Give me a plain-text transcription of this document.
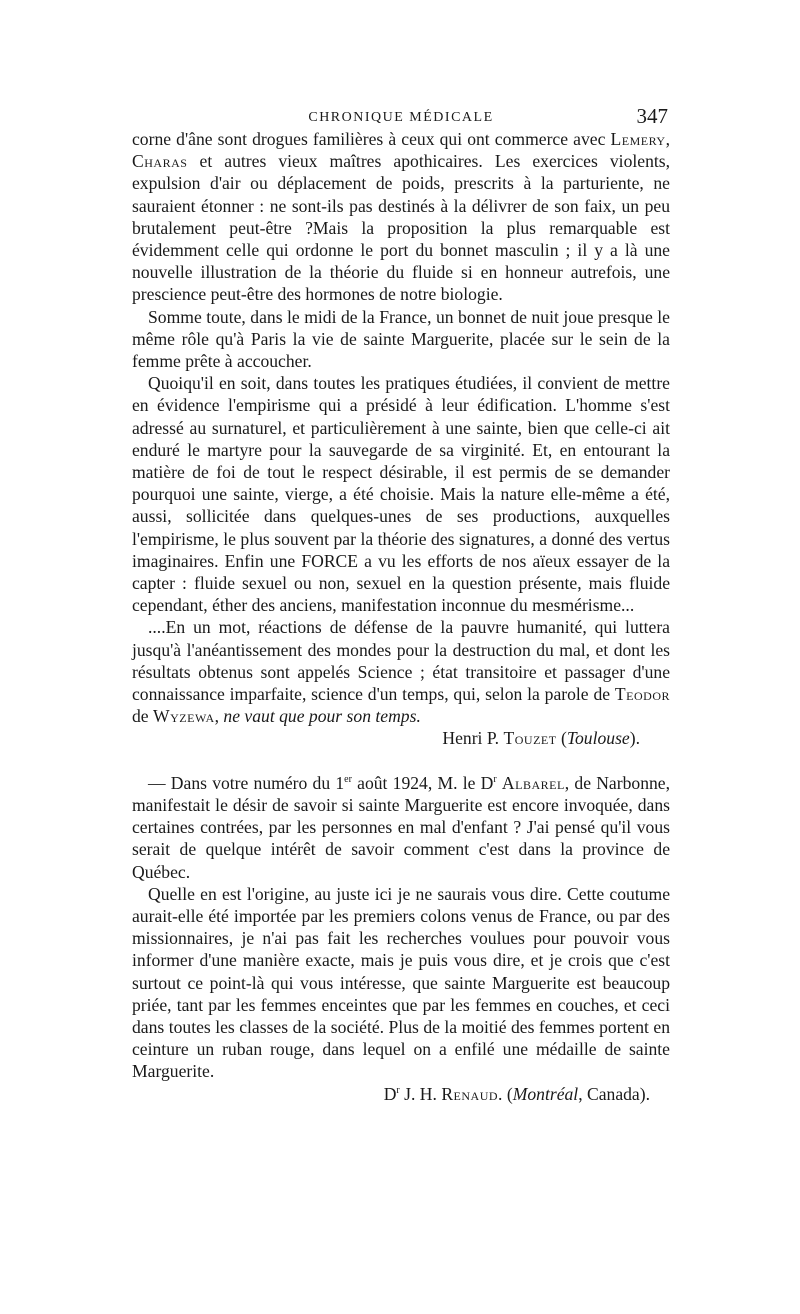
CHRONIQUE MÉDICALE	347

corne d'âne sont drogues familières à ceux qui ont commerce avec Lemery, Charas et autres vieux maîtres apothicaires. Les exercices violents, expulsion d'air ou déplacement de poids, prescrits à la parturiente, ne sauraient étonner : ne sont-ils pas destinés à la délivrer de son faix, un peu brutalement peut-être ?Mais la proposition la plus remarquable est évidemment celle qui ordonne le port du bonnet masculin ; il y a là une nouvelle illustration de la théorie du fluide si en honneur autrefois, une prescience peut-être des hormones de notre biologie.

Somme toute, dans le midi de la France, un bonnet de nuit joue presque le même rôle qu'à Paris la vie de sainte Marguerite, placée sur le sein de la femme prête à accoucher.

Quoiqu'il en soit, dans toutes les pratiques étudiées, il convient de mettre en évidence l'empirisme qui a présidé à leur édification. L'homme s'est adressé au surnaturel, et particulièrement à une sainte, bien que celle-ci ait enduré le martyre pour la sauvegarde de sa virginité. Et, en entourant la matière de foi de tout le respect désirable, il est permis de se demander pourquoi une sainte, vierge, a été choisie. Mais la nature elle-même a été, aussi, sollicitée dans quelques-unes de ses productions, auxquelles l'empirisme, le plus souvent par la théorie des signatures, a donné des vertus imaginaires. Enfin une FORCE a vu les efforts de nos aïeux essayer de la capter : fluide sexuel ou non, sexuel en la question présente, mais fluide cependant, éther des anciens, manifestation inconnue du mesmérisme...

....En un mot, réactions de défense de la pauvre humanité, qui luttera jusqu'à l'anéantissement des mondes pour la destruction du mal, et dont les résultats obtenus sont appelés Science ; état transitoire et passager d'une connaissance imparfaite, science d'un temps, qui, selon la parole de Teodor de Wyzewa, ne vaut que pour son temps.

Henri P. Touzet (Toulouse).

— Dans votre numéro du 1er août 1924, M. le $D^r$ Albarel, de Narbonne, manifestait le désir de savoir si sainte Marguerite est encore invoquée, dans certaines contrées, par les personnes en mal d'enfant ? J'ai pensé qu'il vous serait de quelque intérêt de savoir comment c'est dans la province de Québec.

Quelle en est l'origine, au juste ici je ne saurais vous dire. Cette coutume aurait-elle été importée par les premiers colons venus de France, ou par des missionnaires, je n'ai pas fait les recherches voulues pour pouvoir vous informer d'une manière exacte, mais je puis vous dire, et je crois que c'est surtout ce point-là qui vous intéresse, que sainte Marguerite est beaucoup priée, tant par les femmes enceintes que par les femmes en couches, et ceci dans toutes les classes de la société. Plus de la moitié des femmes portent en ceinture un ruban rouge, dans lequel on a enfilé une médaille de sainte Marguerite.

$D^r$ J. H. Renaud. (Montréal, Canada).
